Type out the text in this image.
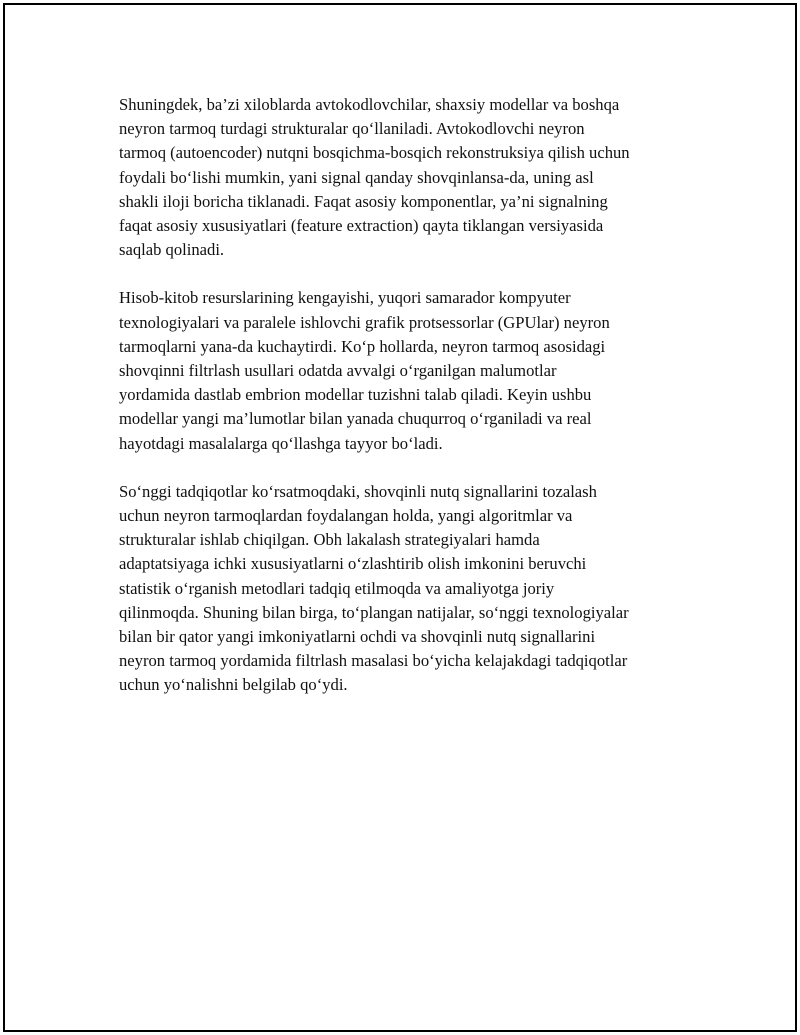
Shuningdek, ba’zi xiloblarda avtokodlovchilar, shaxsiy modellar va boshqa
neyron tarmoq turdagi strukturalar qo‘llaniladi. Avtokodlovchi neyron
tarmoq (autoencoder) nutqni bosqichma-bosqich rekonstruksiya qilish uchun
foydali bo‘lishi mumkin, yani signal qanday shovqinlansa-da, uning asl
shakli iloji boricha tiklanadi. Faqat asosiy komponentlar, ya’ni signalning
faqat asosiy xususiyatlari (feature extraction) qayta tiklangan versiyasida
saqlab qolinadi.

Hisob-kitob resurslarining kengayishi, yuqori samarador kompyuter
texnologiyalari va paralele ishlovchi grafik protsessorlar (GPUlar) neyron
tarmoqlarni yana-da kuchaytirdi. Ko‘p hollarda, neyron tarmoq asosidagi
shovqinni filtrlash usullari odatda avvalgi o‘rganilgan malumotlar
yordamida dastlab embrion modellar tuzishni talab qiladi. Keyin ushbu
modellar yangi ma’lumotlar bilan yanada chuqurroq o‘rganiladi va real
hayotdagi masalalarga qo‘llashga tayyor bo‘ladi.

So‘nggi tadqiqotlar ko‘rsatmoqdaki, shovqinli nutq signallarini tozalash
uchun neyron tarmoqlardan foydalangan holda, yangi algoritmlar va
strukturalar ishlab chiqilgan. Obh lakalash strategiyalari hamda
adaptatsiyaga ichki xususiyatlarni o‘zlashtirib olish imkonini beruvchi
statistik o‘rganish metodlari tadqiq etilmoqda va amaliyotga joriy
qilinmoqda. Shuning bilan birga, to‘plangan natijalar, so‘nggi texnologiyalar
bilan bir qator yangi imkoniyatlarni ochdi va shovqinli nutq signallarini
neyron tarmoq yordamida filtrlash masalasi bo‘yicha kelajakdagi tadqiqotlar
uchun yo‘nalishni belgilab qo‘ydi.
